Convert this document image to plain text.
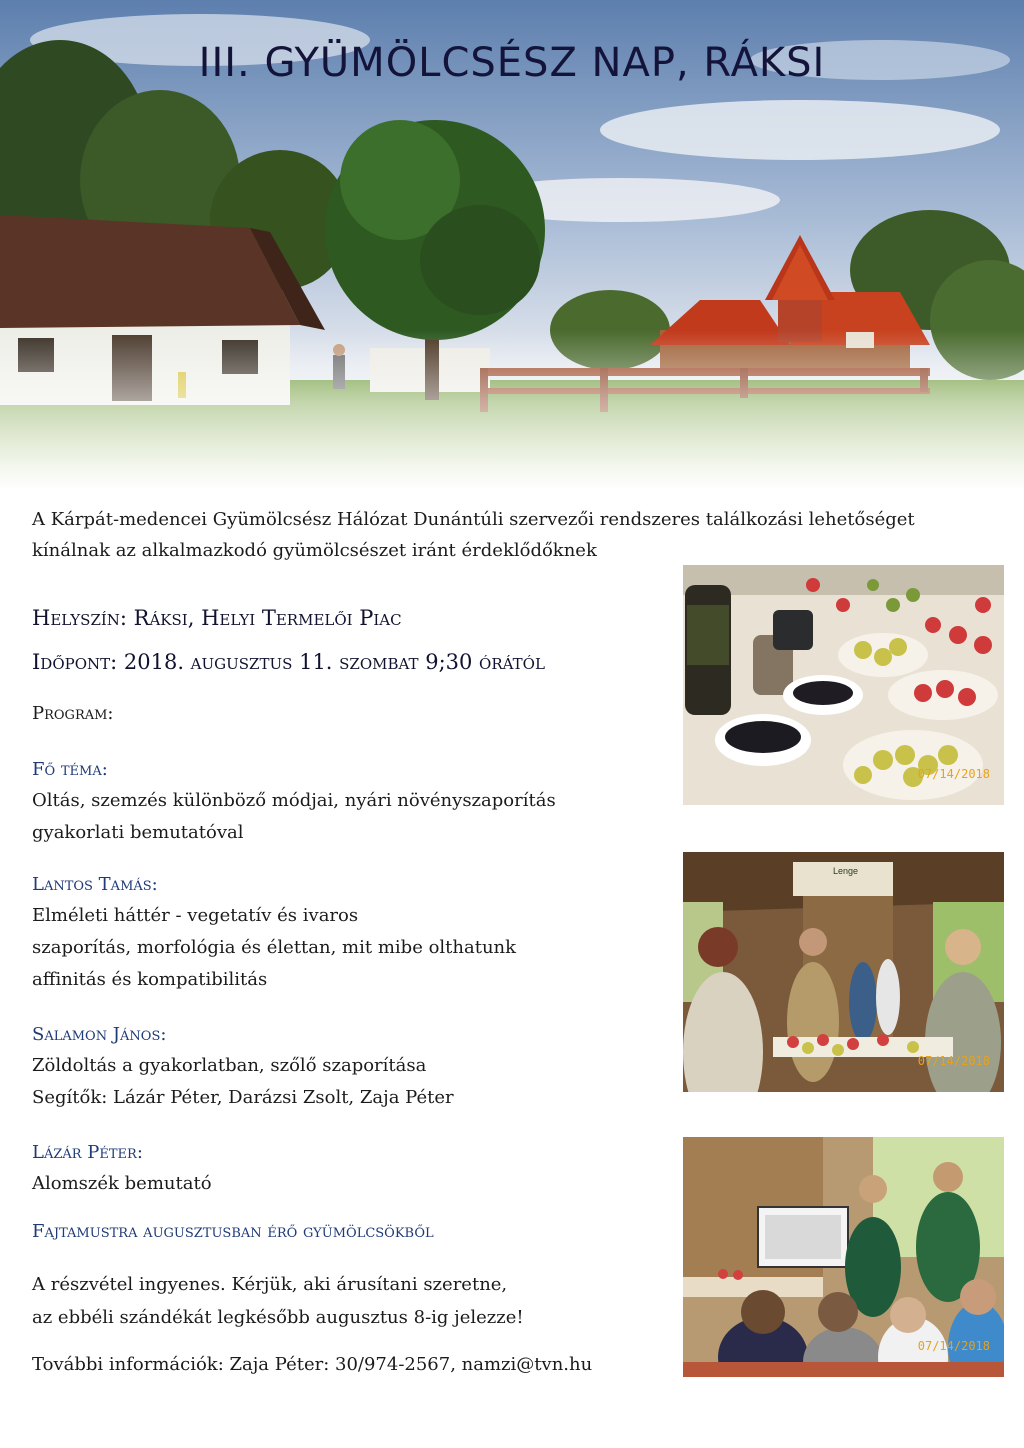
III. GYÜMÖLCSÉSZ NAP, RÁKSI

A Kárpát-medencei Gyümölcsész Hálózat Dunántúli szervezői rendszeres találkozási lehetőséget kínálnak az alkalmazkodó gyümölcsészet iránt érdeklődőknek

Helyszín: Ráksi, Helyi Termelői Piac

Időpont: 2018. augusztus 11. szombat 9;30 órától

Program:

Fő téma:
Oltás, szemzés különböző módjai, nyári növényszaporítás
gyakorlati bemutatóval
Lantos Tamás:
Elméleti háttér - vegetatív és ivaros
szaporítás, morfológia és élettan, mit mibe olthatunk
affinitás és kompatibilitás
Salamon János:
Zöldoltás a gyakorlatban, szőlő szaporítása
Segítők: Lázár Péter, Darázsi Zsolt, Zaja Péter
Lázár Péter:
Alomszék bemutató

Fajtamustra augusztusban érő gyümölcsökből

A részvétel ingyenes. Kérjük, aki árusítani szeretne,
az ebbéli szándékát legkésőbb augusztus 8-ig jelezze!

További információk: Zaja Péter: 30/974-2567, namzi@tvn.hu

07/14/2018
Lenge
07/14/2018
07/14/2018
